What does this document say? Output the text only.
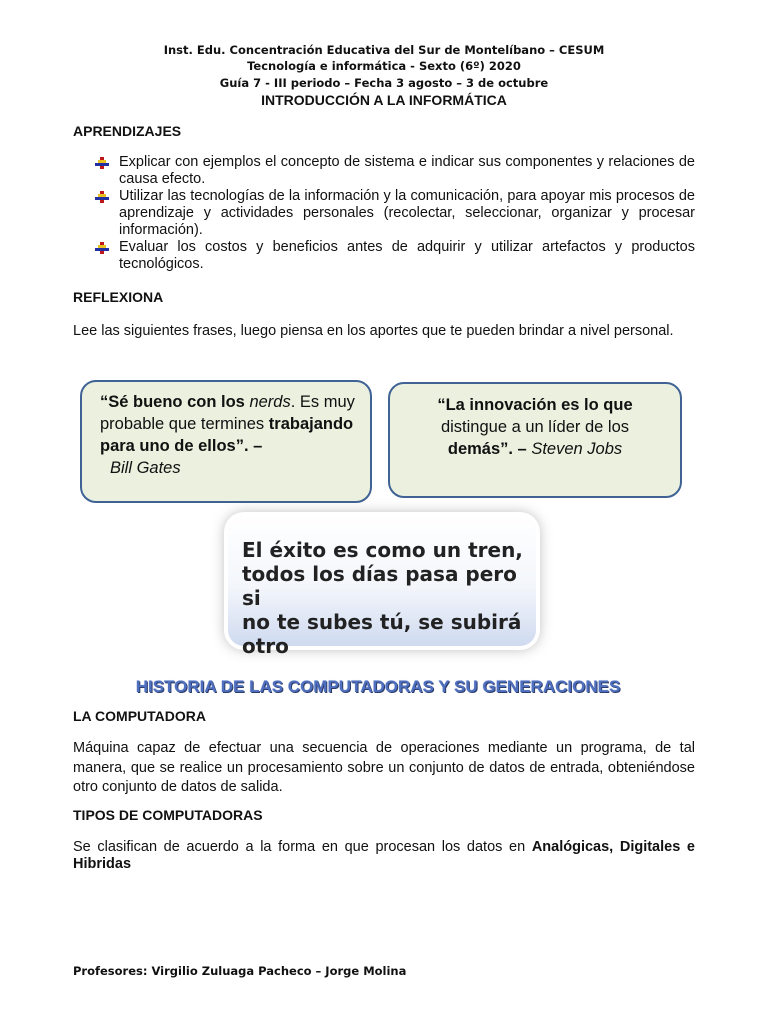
Inst. Edu. Concentración Educativa del Sur de Montelíbano – CESUM
Tecnología e informática - Sexto (6º) 2020
Guía 7 - III periodo – Fecha 3 agosto – 3 de octubre
INTRODUCCIÓN A LA INFORMÁTICA
APRENDIZAJES
Explicar con ejemplos el concepto de sistema e indicar sus componentes y relaciones de causa efecto.
Utilizar las tecnologías de la información y la comunicación, para apoyar mis procesos de aprendizaje y actividades personales (recolectar, seleccionar, organizar y procesar información).
Evaluar los costos y beneficios antes de adquirir y utilizar artefactos y productos tecnológicos.
REFLEXIONA
Lee las siguientes frases, luego piensa en los aportes que te pueden brindar a nivel personal.
“Sé bueno con los nerds. Es muy probable que termines trabajando para uno de ellos”. –
Bill Gates
“La innovación es lo que
distingue a un líder de los
demás”. – Steven Jobs
El éxito es como un tren,
todos los días pasa pero si
no te subes tú, se subirá
otro
HISTORIA DE LAS COMPUTADORAS Y SU GENERACIONES
LA COMPUTADORA
Máquina capaz de efectuar una secuencia de operaciones mediante un programa, de tal manera, que se realice un procesamiento sobre un conjunto de datos de entrada, obteniéndose otro conjunto de datos de salida.
TIPOS DE COMPUTADORAS
Se clasifican de acuerdo a la forma en que procesan los datos en Analógicas, Digitales e Hibridas
Profesores: Virgilio Zuluaga Pacheco – Jorge Molina
